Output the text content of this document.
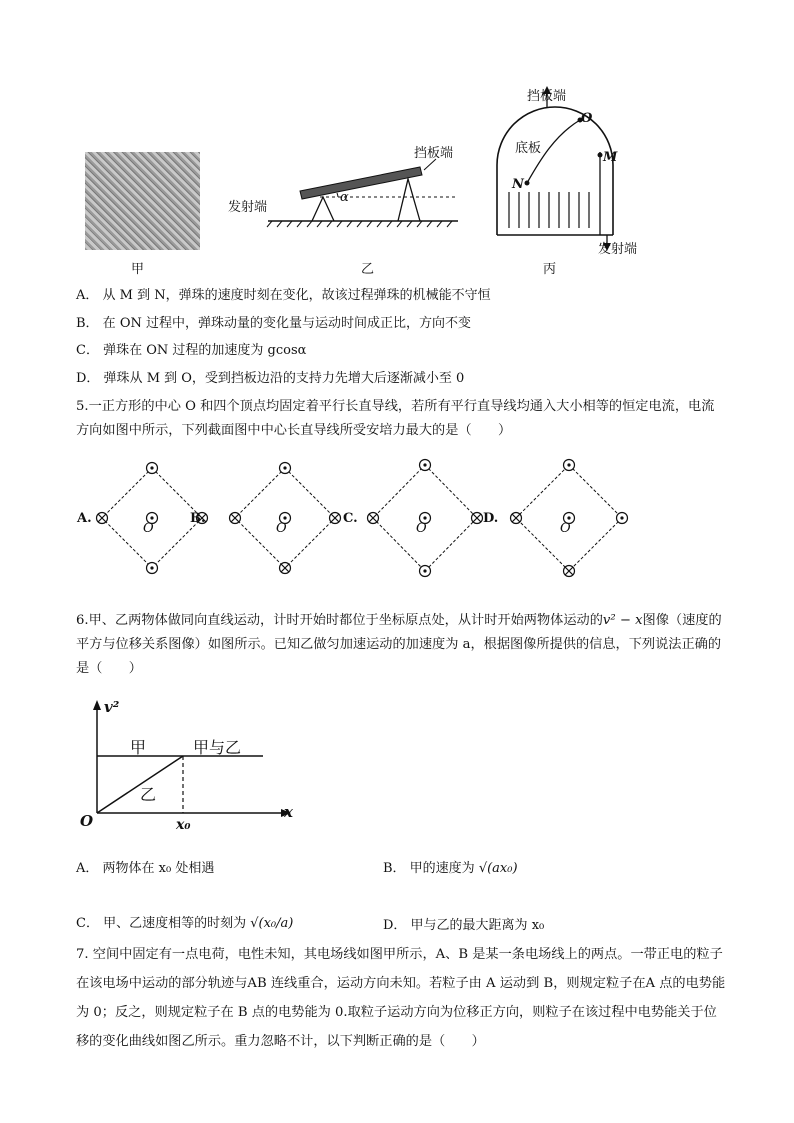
甲
挡板端
发射端
α
乙
挡板端
底板
O
M
N
发射端
丙
A． 从 M 到 N，弹珠的速度时刻在变化，故该过程弹珠的机械能不守恒
B． 在 ON 过程中，弹珠动量的变化量与运动时间成正比，方向不变
C． 弹珠在 ON 过程的加速度为 gcosα
D． 弹珠从 M 到 O，受到挡板边沿的支持力先增大后逐渐减小至 0
5.一正方形的中心 O 和四个顶点均固定着平行长直导线，若所有平行直导线均通入大小相等的恒定电流，电流方向如图中所示，下列截面图中中心长直导线所受安培力最大的是（　　）
A.	B.	C.	D.
O	O	O	O
6.甲、乙两物体做同向直线运动，计时开始时都位于坐标原点处，从计时开始两物体运动的v² − x图像（速度的平方与位移关系图像）如图所示。已知乙做匀加速运动的加速度为 a，根据图像所提供的信息，下列说法正确的是（　　）
v²
x
O	x₀
甲	甲与乙
乙
A． 两物体在 x₀ 处相遇	B． 甲的速度为 √(ax₀)
C． 甲、乙速度相等的时刻为 √(x₀/a)	D． 甲与乙的最大距离为 x₀
7. 空间中固定有一点电荷，电性未知，其电场线如图甲所示，A、B 是某一条电场线上的两点。一带正电的粒子在该电场中运动的部分轨迹与AB 连线重合，运动方向未知。若粒子由 A 运动到 B，则规定粒子在A 点的电势能为 0；反之，则规定粒子在 B 点的电势能为 0.取粒子运动方向为位移正方向，则粒子在该过程中电势能关于位移的变化曲线如图乙所示。重力忽略不计，以下判断正确的是（　　）
